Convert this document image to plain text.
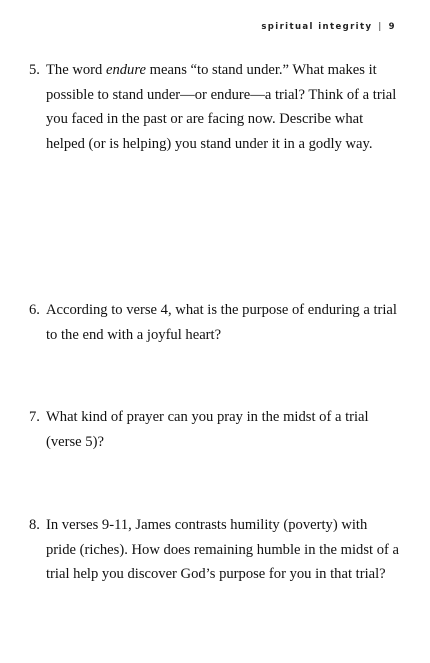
spiritual integrity | 9
5. The word endure means “to stand under.” What makes it possible to stand under—or endure—a trial? Think of a trial you faced in the past or are facing now. Describe what helped (or is helping) you stand under it in a godly way.
6. According to verse 4, what is the purpose of enduring a trial to the end with a joyful heart?
7. What kind of prayer can you pray in the midst of a trial (verse 5)?
8. In verses 9-11, James contrasts humility (poverty) with pride (riches). How does remaining humble in the midst of a trial help you discover God’s purpose for you in that trial?
